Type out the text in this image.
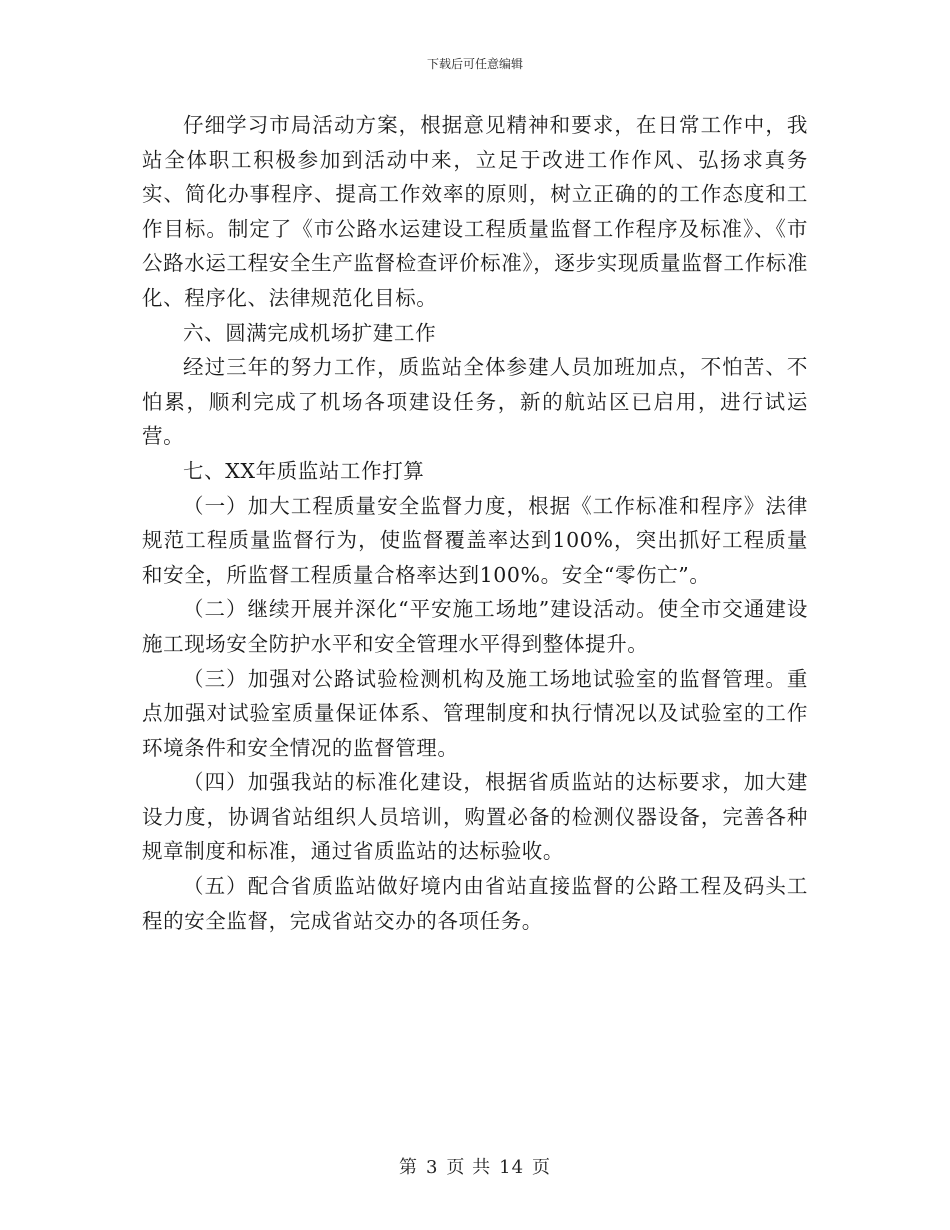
下载后可任意编辑

仔细学习市局活动方案，根据意见精神和要求，在日常工作中，我站全体职工积极参加到活动中来，立足于改进工作作风、弘扬求真务实、简化办事程序、提高工作效率的原则，树立正确的的工作态度和工作目标。制定了《市公路水运建设工程质量监督工作程序及标准》、《市公路水运工程安全生产监督检查评价标准》，逐步实现质量监督工作标准化、程序化、法律规范化目标。

六、圆满完成机场扩建工作

经过三年的努力工作，质监站全体参建人员加班加点，不怕苦、不怕累，顺利完成了机场各项建设任务，新的航站区已启用，进行试运营。

七、XX年质监站工作打算

（一）加大工程质量安全监督力度，根据《工作标准和程序》法律规范工程质量监督行为，使监督覆盖率达到100%，突出抓好工程质量和安全，所监督工程质量合格率达到100%。安全“零伤亡”。

（二）继续开展并深化“平安施工场地”建设活动。使全市交通建设施工现场安全防护水平和安全管理水平得到整体提升。

（三）加强对公路试验检测机构及施工场地试验室的监督管理。重点加强对试验室质量保证体系、管理制度和执行情况以及试验室的工作环境条件和安全情况的监督管理。

（四）加强我站的标准化建设，根据省质监站的达标要求，加大建设力度，协调省站组织人员培训，购置必备的检测仪器设备，完善各种规章制度和标准，通过省质监站的达标验收。

（五）配合省质监站做好境内由省站直接监督的公路工程及码头工程的安全监督，完成省站交办的各项任务。

第 3 页 共 14 页
